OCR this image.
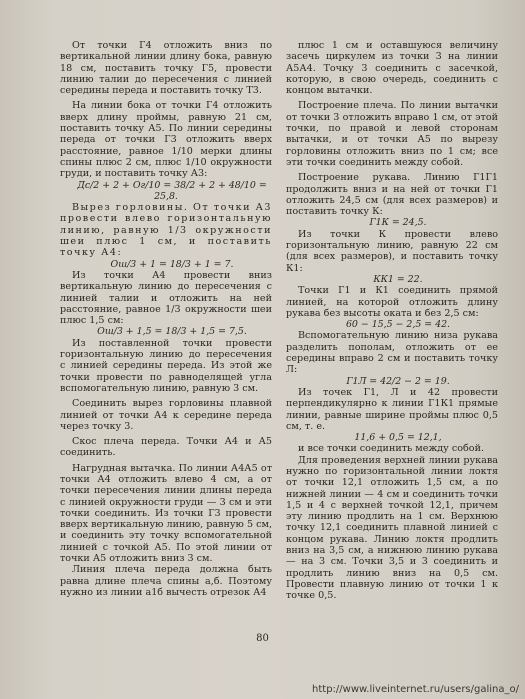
От точки Г4 отложить вниз по вертикальной линии длину бока, равную 18 см, поставить точку Г5, провести линию талии до пересечения с линией середины переда и поставить точку Т3.

На линии бока от точки Г4 отложить вверх длину проймы, равную 21 см, поставить точку А5. По линии середины переда от точки Г3 отложить вверх расстояние, равное 1/10 мерки длины спины плюс 2 см, плюс 1/10 окружности груди, и поставить точку А3:

Дс/2 + 2 + Ог/10 = 38/2 + 2 + 48/10 = 25,8.

Вырез горловины. От точки А3 провести влево горизонтальную линию, равную 1/3 окружности шеи плюс 1 см, и поставить точку А4:

Ош/3 + 1 = 18/3 + 1 = 7.

Из точки А4 провести вниз вертикальную линию до пересечения с линией талии и отложить на ней расстояние, равное 1/3 окружности шеи плюс 1,5 см:

Ош/3 + 1,5 = 18/3 + 1,5 = 7,5.

Из поставленной точки провести горизонтальную линию до пересечения с линией середины переда. Из этой же точки провести по равноделящей угла вспомогательную линию, равную 3 см.

Соединить вырез горловины плавной линией от точки А4 к середине переда через точку 3.

Скос плеча переда. Точки А4 и А5 соединить.

Нагрудная вытачка. По линии А4А5 от точки А4 отложить влево 4 см, а от точки пересечения линии длины переда с линией окружности груди — 3 см и эти точки соединить. Из точки Г3 провести вверх вертикальную линию, равную 5 см, и соединить эту точку вспомогательной линией с точкой А5. По этой линии от точки А5 отложить вниз 3 см.

Линия плеча переда должна быть равна длине плеча спины а,б. Поэтому нужно из линии а1б вычесть отрезок А4

плюс 1 см и оставшуюся величину засечь циркулем из точки 3 на линии А5А4. Точку 3 соединить с засечкой, которую, в свою очередь, соединить с концом вытачки.

Построение плеча. По линии вытачки от точки 3 отложить вправо 1 см, от этой точки, по правой и левой сторонам вытачки, и от точки А5 по вырезу горловины отложить вниз по 1 см; все эти точки соединить между собой.

Построение рукава. Линию Г1Г1 продолжить вниз и на ней от точки Г1 отложить 24,5 см (для всех размеров) и поставить точку К:

Г1К = 24,5.

Из точки К провести влево горизонтальную линию, равную 22 см (для всех размеров), и поставить точку К1:

КК1 = 22.

Точки Г1 и К1 соединить прямой линией, на которой отложить длину рукава без высоты оката и без 2,5 см:

60 − 15,5 − 2,5 = 42.

Вспомогательную линию низа рукава разделить пополам, отложить от ее середины вправо 2 см и поставить точку Л:

Г1Л = 42/2 − 2 = 19.

Из точек Г1, Л и 42 провести перпендикулярно к линии Г1К1 прямые линии, равные ширине проймы плюс 0,5 см, т. е.

11,6 + 0,5 = 12,1,

и все точки соединить между собой.

Для проведения верхней линии рукава нужно по горизонтальной линии локтя от точки 12,1 отложить 1,5 см, а по нижней линии — 4 см и соединить точки 1,5 и 4 с верхней точкой 12,1, причем эту линию продлить на 1 см. Верхнюю точку 12,1 соединить плавной линией с концом рукава. Линию локтя продлить вниз на 3,5 см, а нижнюю линию рукава — на 3 см. Точки 3,5 и 3 соединить и продлить линию вниз на 0,5 см. Провести плавную линию от точки 1 к точке 0,5.

80
http://www.liveinternet.ru/users/galina_o/
